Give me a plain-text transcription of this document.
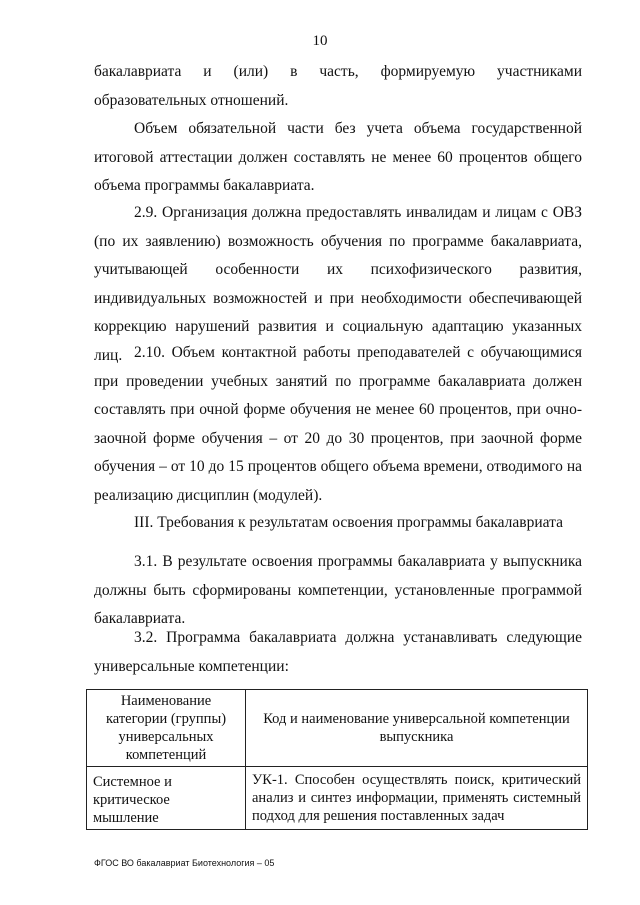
10

бакалавриата и (или) в часть, формируемую участниками образовательных отношений.

Объем обязательной части без учета объема государственной итоговой аттестации должен составлять не менее 60 процентов общего объема программы бакалавриата.

2.9. Организация должна предоставлять инвалидам и лицам с ОВЗ (по их заявлению) возможность обучения по программе бакалавриата, учитывающей особенности их психофизического развития, индивидуальных возможностей и при необходимости обеспечивающей коррекцию нарушений развития и социальную адаптацию указанных лиц. 2.10. Объем контактной работы преподавателей с обучающимися при проведении учебных занятий по программе бакалавриата должен составлять при очной форме обучения не менее 60 процентов, при очно-заочной форме обучения – от 20 до 30 процентов, при заочной форме обучения – от 10 до 15 процентов общего объема времени, отводимого на реализацию дисциплин (модулей).

III. Требования к результатам освоения программы бакалавриата

3.1. В результате освоения программы бакалавриата у выпускника должны быть сформированы компетенции, установленные программой бакалавриата.

3.2. Программа бакалавриата должна устанавливать следующие универсальные компетенции:

Наименование категории (группы) универсальных компетенций	Код и наименование универсальной компетенции выпускника
Системное и критическое мышление	УК-1. Способен осуществлять поиск, критический анализ и синтез информации, применять системный подход для решения поставленных задач
ФГОС ВО бакалавриат Биотехнология – 05
